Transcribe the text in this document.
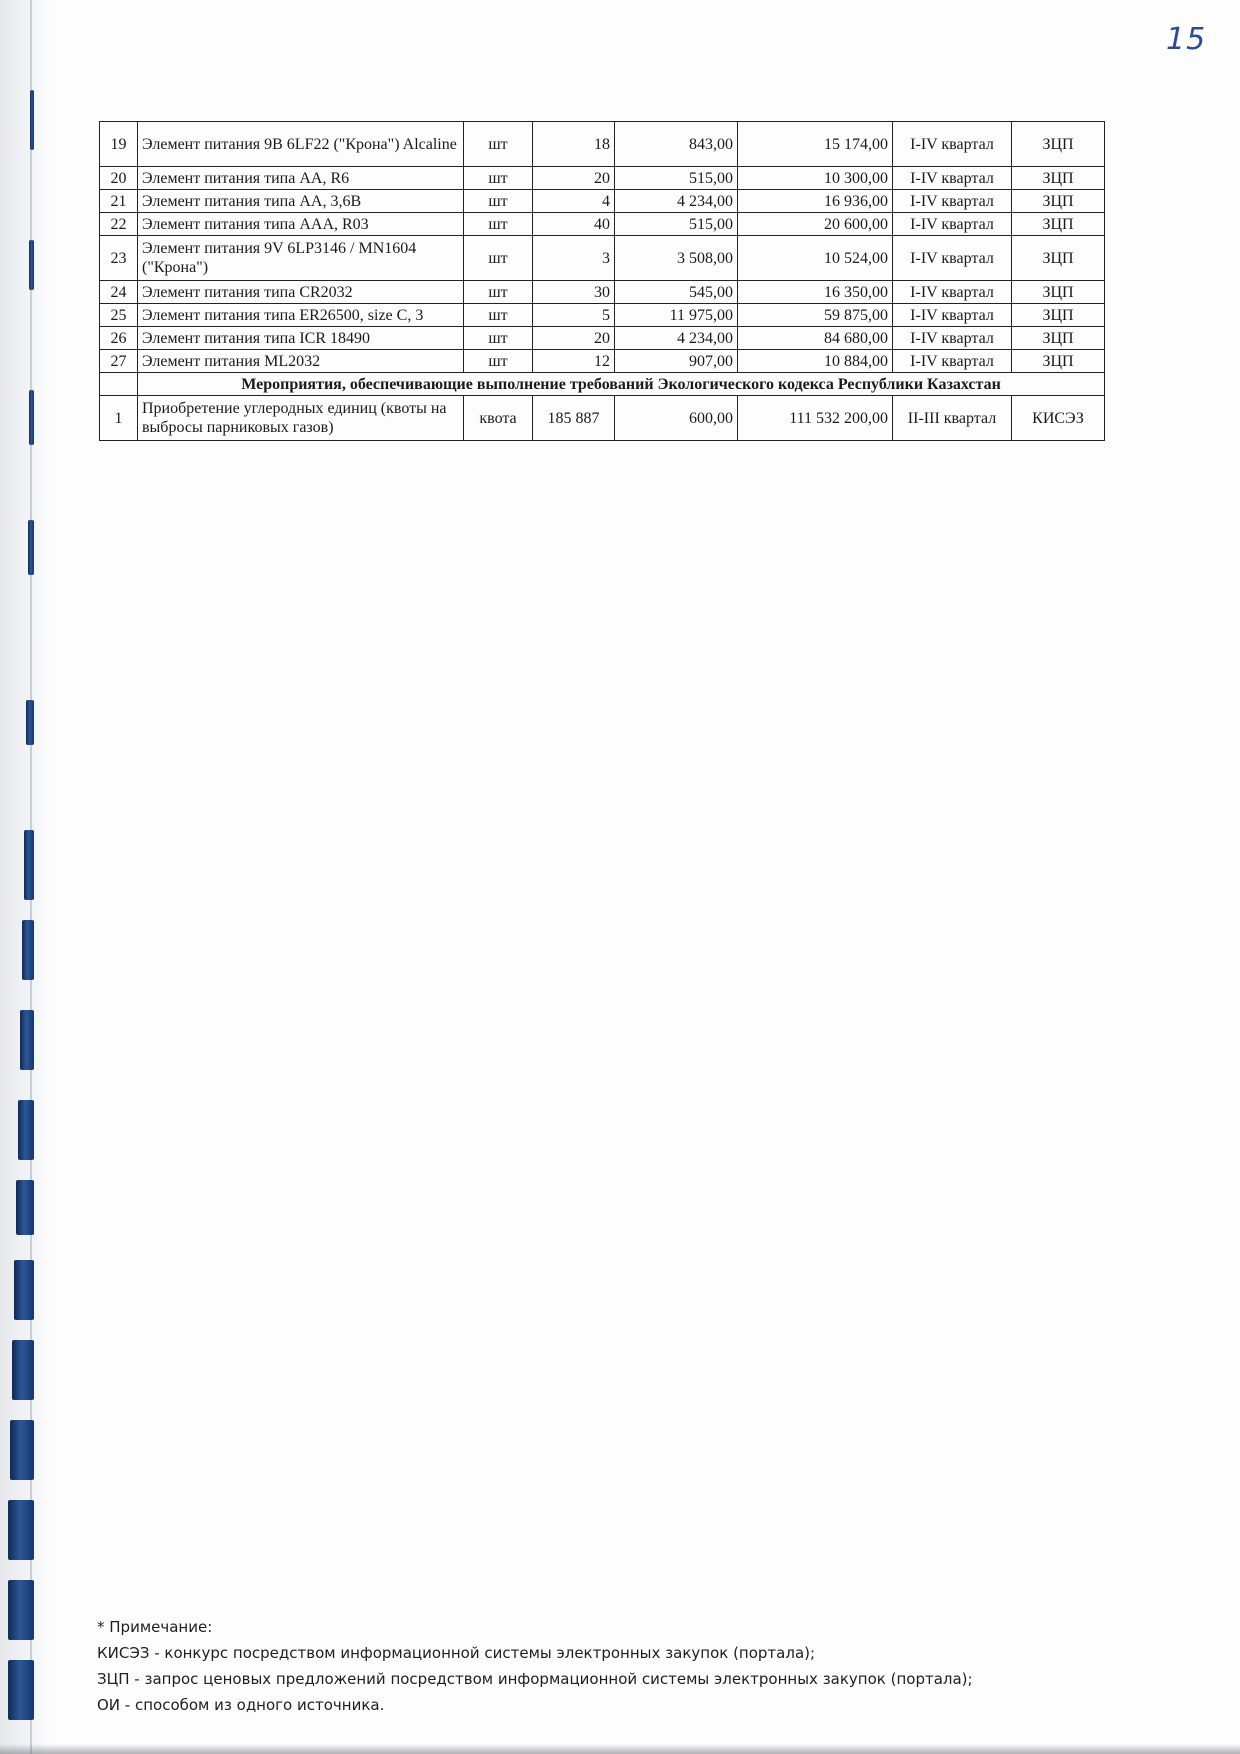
15
19	Элемент питания 9В 6LF22 ("Крона") Alcaline	шт	18	843,00	15 174,00	I-IV квартал	ЗЦП
20	Элемент питания типа АА, R6	шт	20	515,00	10 300,00	I-IV квартал	ЗЦП
21	Элемент питания типа АА, 3,6В	шт	4	4 234,00	16 936,00	I-IV квартал	ЗЦП
22	Элемент питания типа ААА, R03	шт	40	515,00	20 600,00	I-IV квартал	ЗЦП
23	Элемент питания 9V 6LP3146 / MN1604 ("Крона")	шт	3	3 508,00	10 524,00	I-IV квартал	ЗЦП
24	Элемент питания типа CR2032	шт	30	545,00	16 350,00	I-IV квартал	ЗЦП
25	Элемент питания типа ER26500, size C, 3	шт	5	11 975,00	59 875,00	I-IV квартал	ЗЦП
26	Элемент питания типа ICR 18490	шт	20	4 234,00	84 680,00	I-IV квартал	ЗЦП
27	Элемент питания ML2032	шт	12	907,00	10 884,00	I-IV квартал	ЗЦП
	Мероприятия, обеспечивающие выполнение требований Экологического кодекса Республики Казахстан						
1	Приобретение углеродных единиц (квоты на выбросы парниковых газов)	квота	185 887	600,00	111 532 200,00	II-III квартал	КИСЭЗ
* Примечание:
КИСЭЗ - конкурс посредством информационной системы электронных закупок (портала);
ЗЦП - запрос ценовых предложений посредством информационной системы электронных закупок (портала);
ОИ - способом из одного источника.
